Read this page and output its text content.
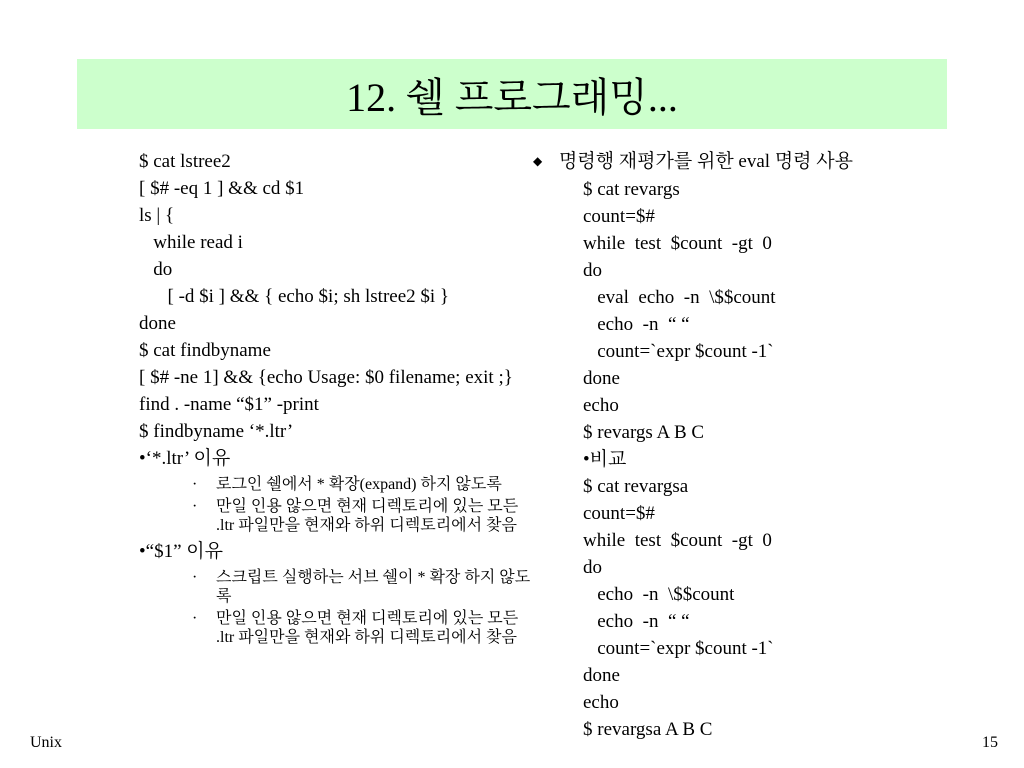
12. 쉘 프로그래밍...
$ cat lstree2
[ $# -eq 1 ] && cd $1
ls | {
while read i
do
[ -d $i ] && { echo $i; sh lstree2 $i }
done
$ cat findbyname
[ $# -ne 1] && {echo Usage: $0 filename; exit ;}
find . -name “$1” -print
$ findbyname ‘*.ltr’
•‘*.ltr’ 이유
· 로그인 쉘에서 * 확장(expand) 하지 않도록
· 만일 인용 않으면 현재 디렉토리에 있는 모든 .ltr 파일만을 현재와 하위 디렉토리에서 찾음
•“$1” 이유
· 스크립트 실행하는 서브 쉘이 * 확장 하지 않도록
· 만일 인용 않으면 현재 디렉토리에 있는 모든 .ltr 파일만을 현재와 하위 디렉토리에서 찾음
◆ 명령행 재평가를 위한 eval 명령 사용
$ cat revargs
count=$#
while  test  $count  -gt  0
do
eval  echo  -n  \$$count
echo  -n  “ “
count=`expr $count -1`
done
echo
$ revargs A B C
•비교
$ cat revargsa
count=$#
while  test  $count  -gt  0
do
echo  -n  \$$count
echo  -n  “ “
count=`expr $count -1`
done
echo
$ revargsa A B C
Unix	15
